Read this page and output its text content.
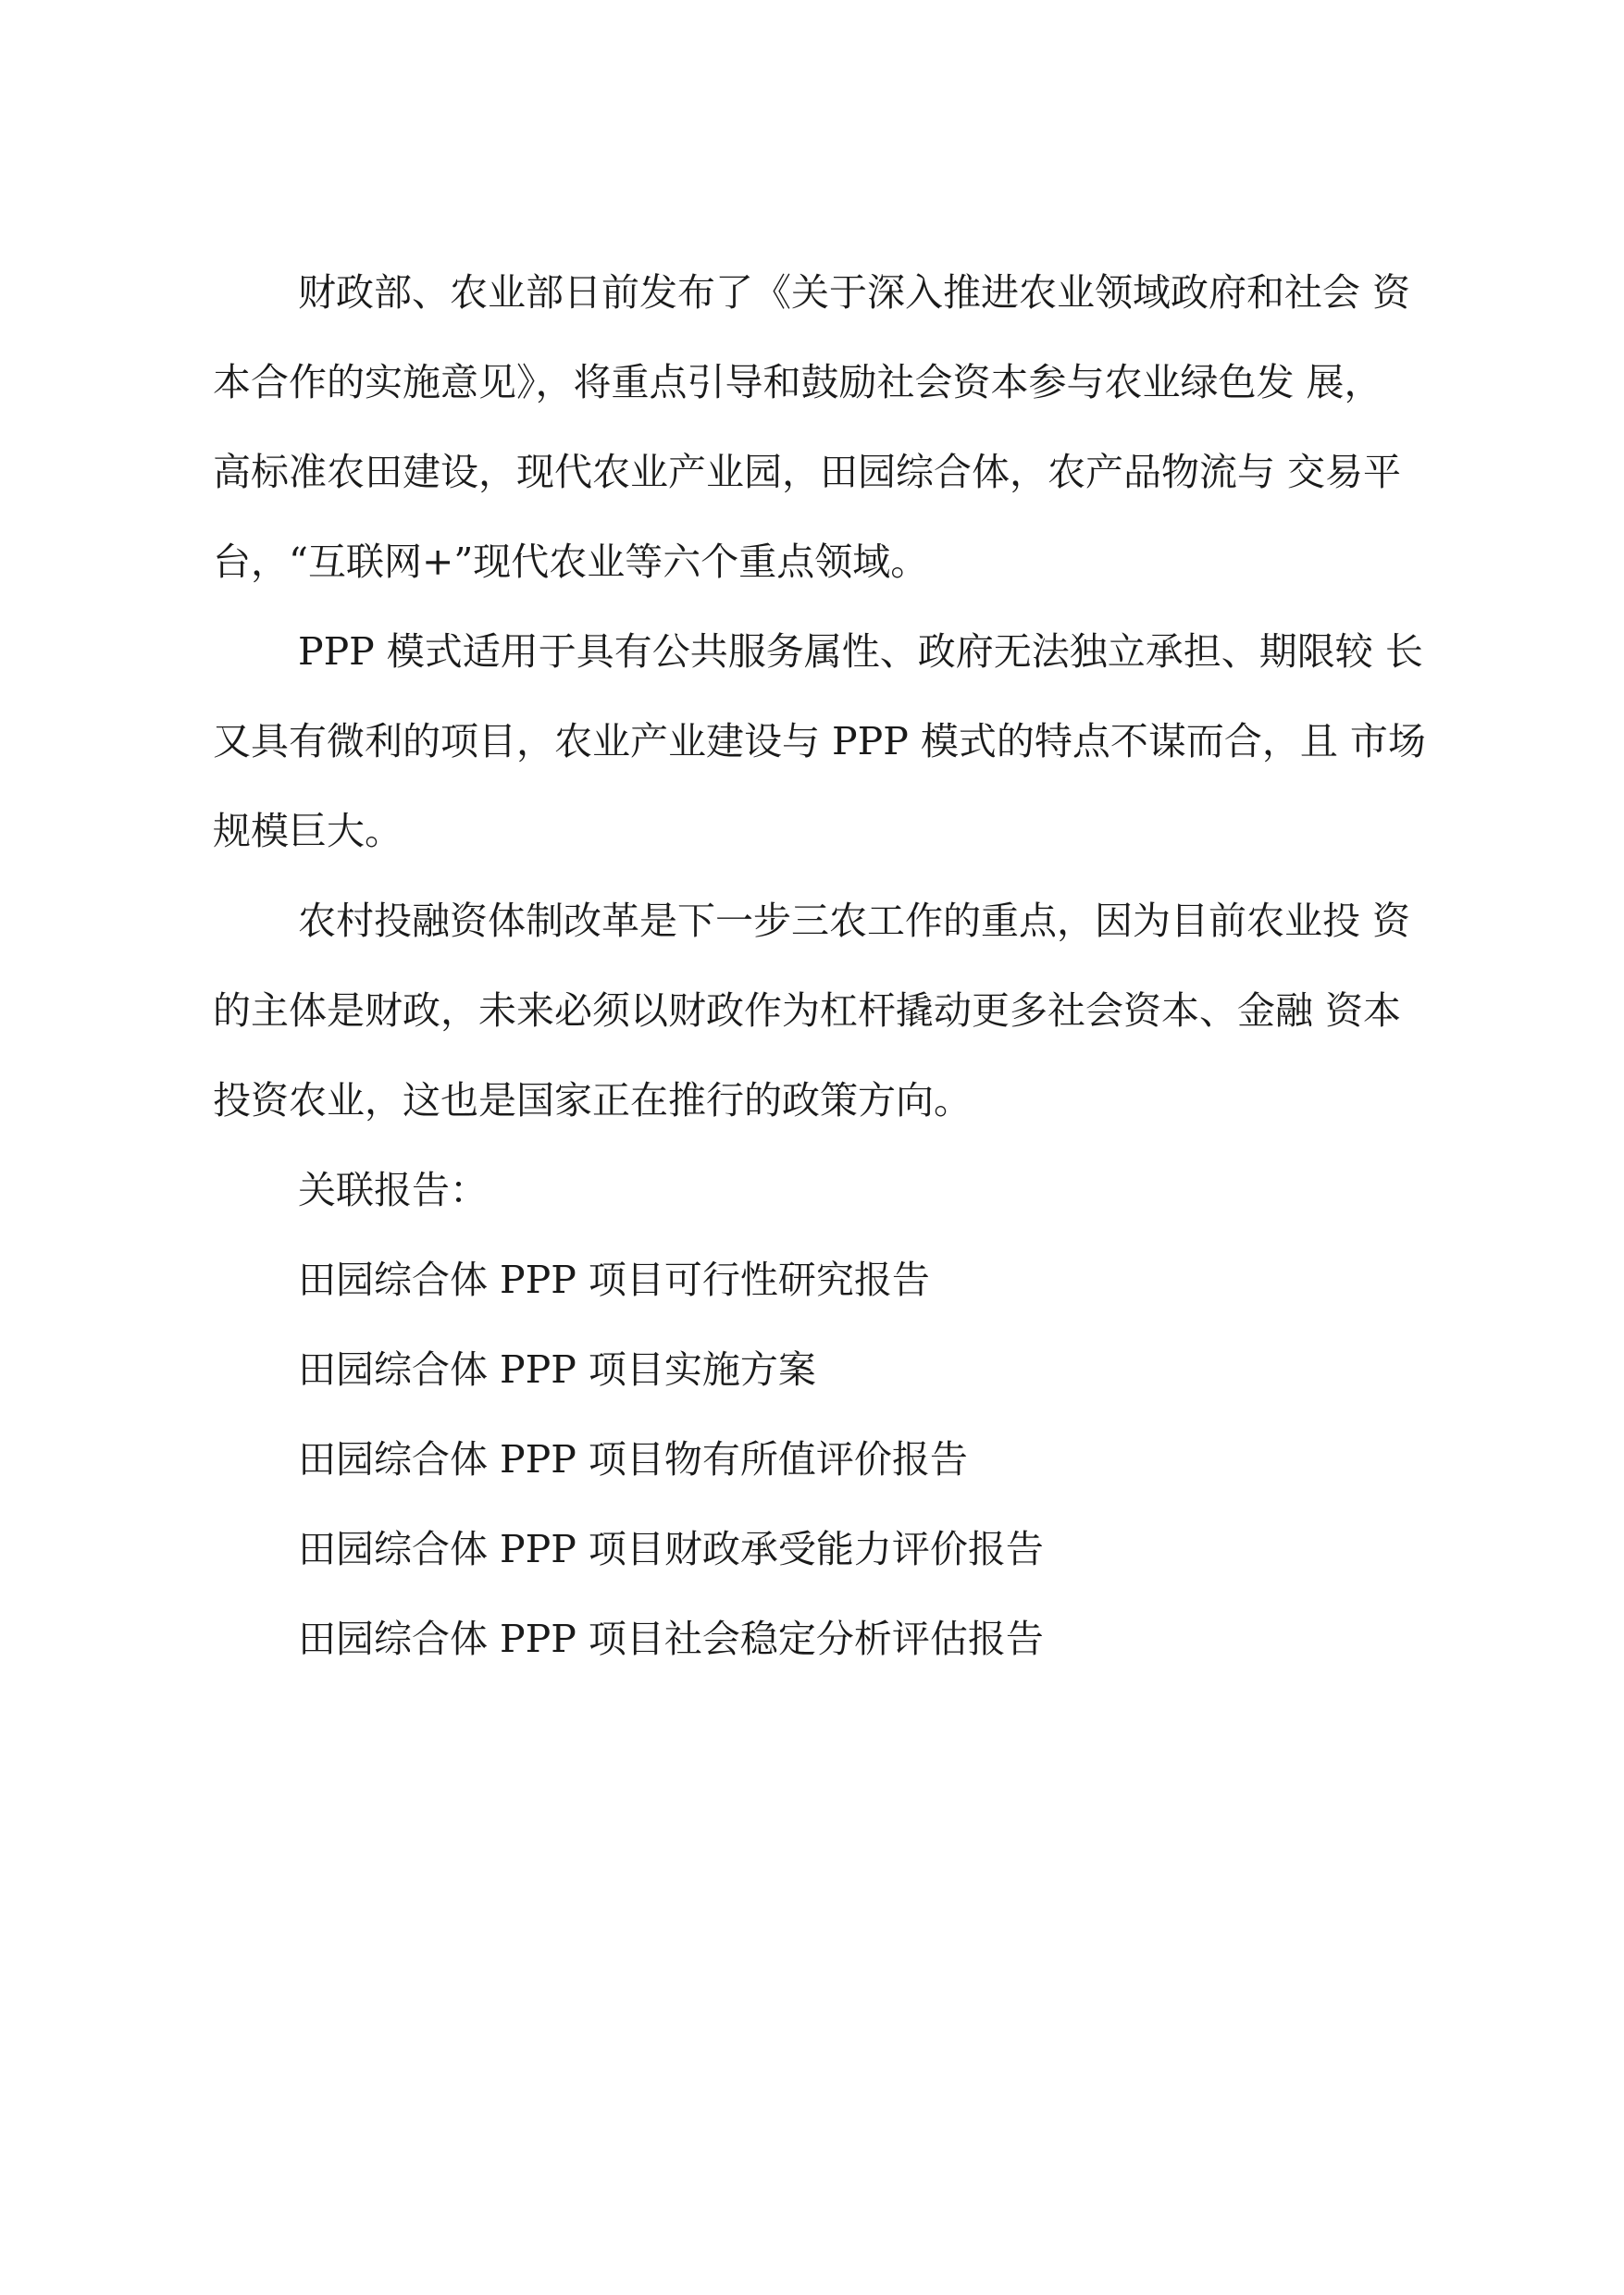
财政部、农业部日前发布了《关于深入推进农业领域政府和社会 资
本合作的实施意见》，将重点引导和鼓励社会资本参与农业绿色发 展，
高标准农田建设，现代农业产业园，田园综合体，农产品物流与 交易平
台，“互联网+”现代农业等六个重点领域。
PPP 模式适用于具有公共服务属性、政府无法独立承担、期限较 长
又具有微利的项目，农业产业建设与 PPP 模式的特点不谋而合，且 市场
规模巨大。
农村投融资体制改革是下一步三农工作的重点，因为目前农业投 资
的主体是财政，未来必须以财政作为杠杆撬动更多社会资本、金融 资本
投资农业，这也是国家正在推行的政策方向。

关联报告：

田园综合体 PPP 项目可行性研究报告

田园综合体 PPP 项目实施方案

田园综合体 PPP 项目物有所值评价报告

田园综合体 PPP 项目财政承受能力评价报告

田园综合体 PPP 项目社会稳定分析评估报告
